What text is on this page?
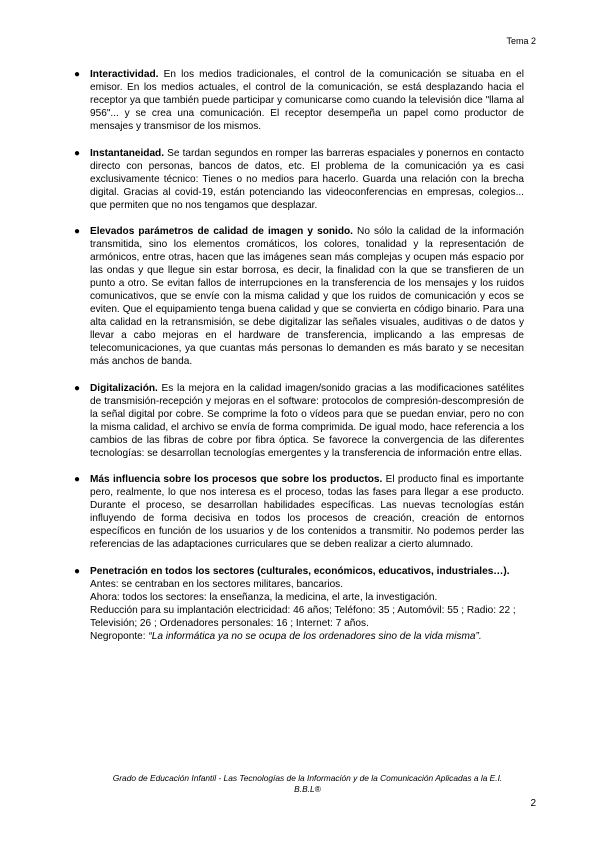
Tema 2
● Interactividad. En los medios tradicionales, el control de la comunicación se situaba en el emisor. En los medios actuales, el control de la comunicación, se está desplazando hacia el receptor ya que también puede participar y comunicarse como cuando la televisión dice "llama al 956"... y se crea una comunicación. El receptor desempeña un papel como productor de mensajes y transmisor de los mismos.
● Instantaneidad. Se tardan segundos en romper las barreras espaciales y ponernos en contacto directo con personas, bancos de datos, etc. El problema de la comunicación ya es casi exclusivamente técnico: Tienes o no medios para hacerlo. Guarda una relación con la brecha digital. Gracias al covid-19, están potenciando las videoconferencias en empresas, colegios... que permiten que no nos tengamos que desplazar.
● Elevados parámetros de calidad de imagen y sonido. No sólo la calidad de la información transmitida, sino los elementos cromáticos, los colores, tonalidad y la representación de armónicos, entre otras, hacen que las imágenes sean más complejas y ocupen más espacio por las ondas y que llegue sin estar borrosa, es decir, la finalidad con la que se transfieren de un punto a otro. Se evitan fallos de interrupciones en la transferencia de los mensajes y los ruidos comunicativos, que se envíe con la misma calidad y que los ruidos de comunicación y ecos se eviten. Que el equipamiento tenga buena calidad y que se convierta en código binario. Para una alta calidad en la retransmisión, se debe digitalizar las señales visuales, auditivas o de datos y llevar a cabo mejoras en el hardware de transferencia, implicando a las empresas de telecomunicaciones, ya que cuantas más personas lo demanden es más barato y se necesitan más anchos de banda.
● Digitalización. Es la mejora en la calidad imagen/sonido gracias a las modificaciones satélites de transmisión-recepción y mejoras en el software: protocolos de compresión-descompresión de la señal digital por cobre. Se comprime la foto o vídeos para que se puedan enviar, pero no con la misma calidad, el archivo se envía de forma comprimida. De igual modo, hace referencia a los cambios de las fibras de cobre por fibra óptica. Se favorece la convergencia de las diferentes tecnologías: se desarrollan tecnologías emergentes y la transferencia de información entre ellas.
● Más influencia sobre los procesos que sobre los productos. El producto final es importante pero, realmente, lo que nos interesa es el proceso, todas las fases para llegar a ese producto. Durante el proceso, se desarrollan habilidades específicas. Las nuevas tecnologías están influyendo de forma decisiva en todos los procesos de creación, creación de entornos específicos en función de los usuarios y de los contenidos a transmitir. No podemos perder las referencias de las adaptaciones curriculares que se deben realizar a cierto alumnado.
● Penetración en todos los sectores (culturales, económicos, educativos, industriales…).
Antes: se centraban en los sectores militares, bancarios.
Ahora: todos los sectores: la enseñanza, la medicina, el arte, la investigación.
Reducción para su implantación electricidad: 46 años; Teléfono: 35 ; Automóvil: 55 ; Radio: 22 ; Televisión; 26 ; Ordenadores personales: 16 ; Internet: 7 años.
Negroponte: “La informática ya no se ocupa de los ordenadores sino de la vida misma”.
Grado de Educación Infantil - Las Tecnologías de la Información y de la Comunicación Aplicadas a la E.I.
B.B.L®
2
